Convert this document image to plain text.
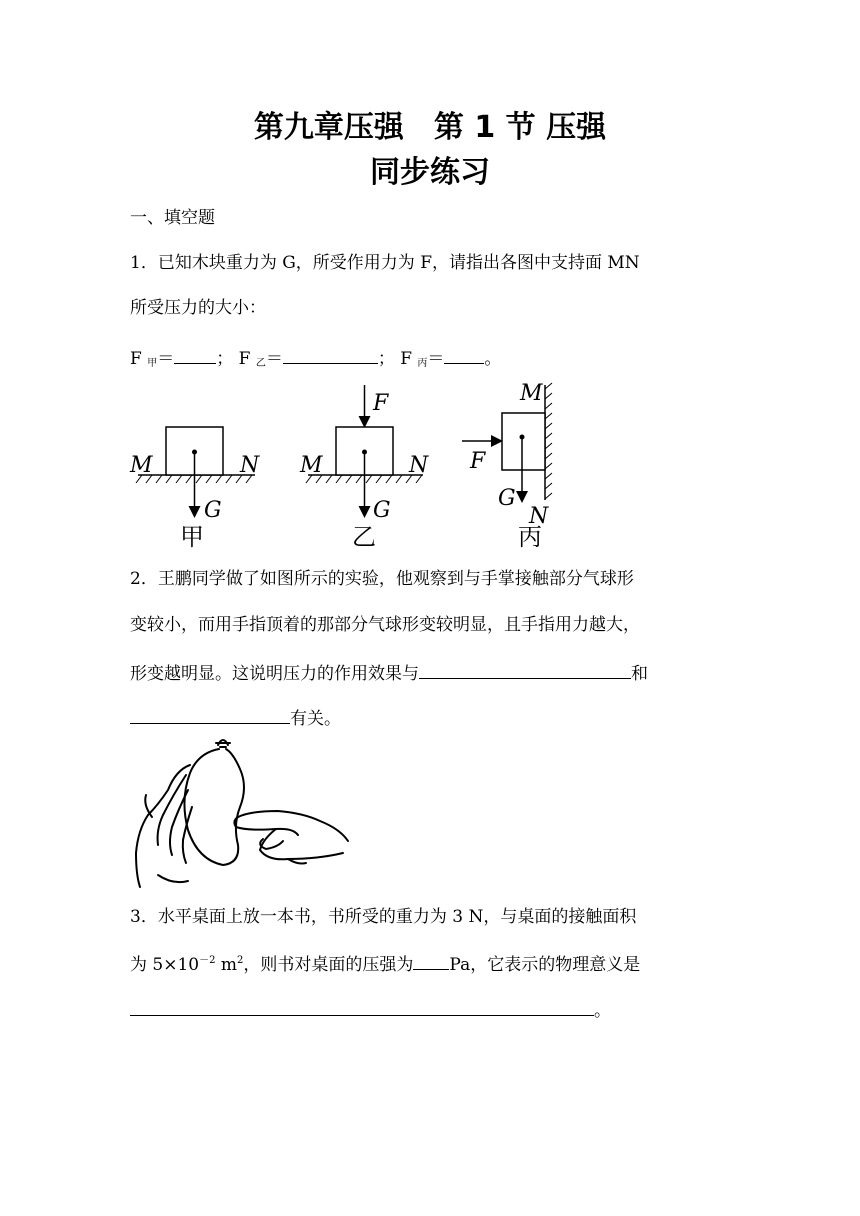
第九章压强　第 1 节 压强
同步练习
一、填空题
1．已知木块重力为 G，所受作用力为 F，请指出各图中支持面 MN
所受压力的大小：
F $_甲$＝ ； F $_乙$＝	； F $_丙$＝ 。
M	N
G
甲
M	N
F
G
乙
M
F
G
N
丙
2．王鹏同学做了如图所示的实验，他观察到与手掌接触部分气球形
变较小，而用手指顶着的那部分气球形变较明显，且手指用力越大，
形变越明显。这说明压力的作用效果与	和
有关。
3．水平桌面上放一本书，书所受的重力为 3 N，与桌面的接触面积
为 $5\times 10^{-2}$ $m^2$，则书对桌面的压强为 Pa，它表示的物理意义是
。
